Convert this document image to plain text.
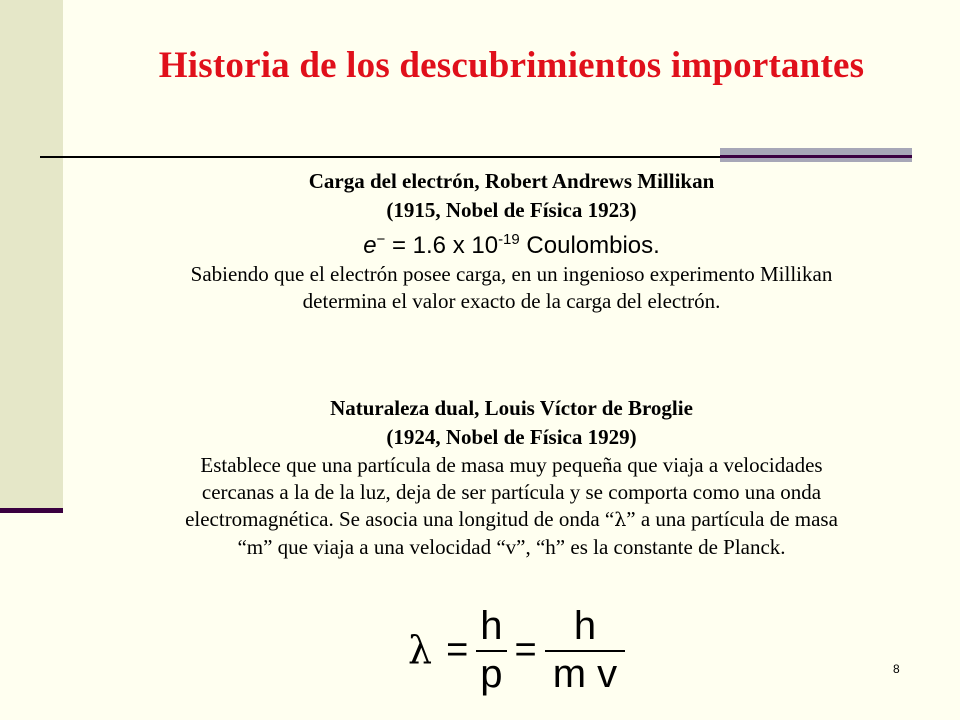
Historia de los descubrimientos importantes

Carga del electrón, Robert Andrews Millikan

(1915, Nobel de Física 1923)

e− = 1.6 x $10^{-19}$ Coulombios.

Sabiendo que el electrón posee carga, en un ingenioso experimento Millikan

determina el valor exacto de la carga del electrón.

Naturaleza dual, Louis Víctor de Broglie

(1924, Nobel de Física 1929)

Establece que una partícula de masa muy pequeña que viaja a velocidades

cercanas a la de la luz, deja de ser partícula y se comporta como una onda

electromagnética. Se asocia una longitud de onda “λ” a una partícula de masa

“m” que viaja a una velocidad “v”, “h” es la constante de Planck.

$\lambda = \frac{h}{p} = \frac{h}{\text{m v}}$	8
